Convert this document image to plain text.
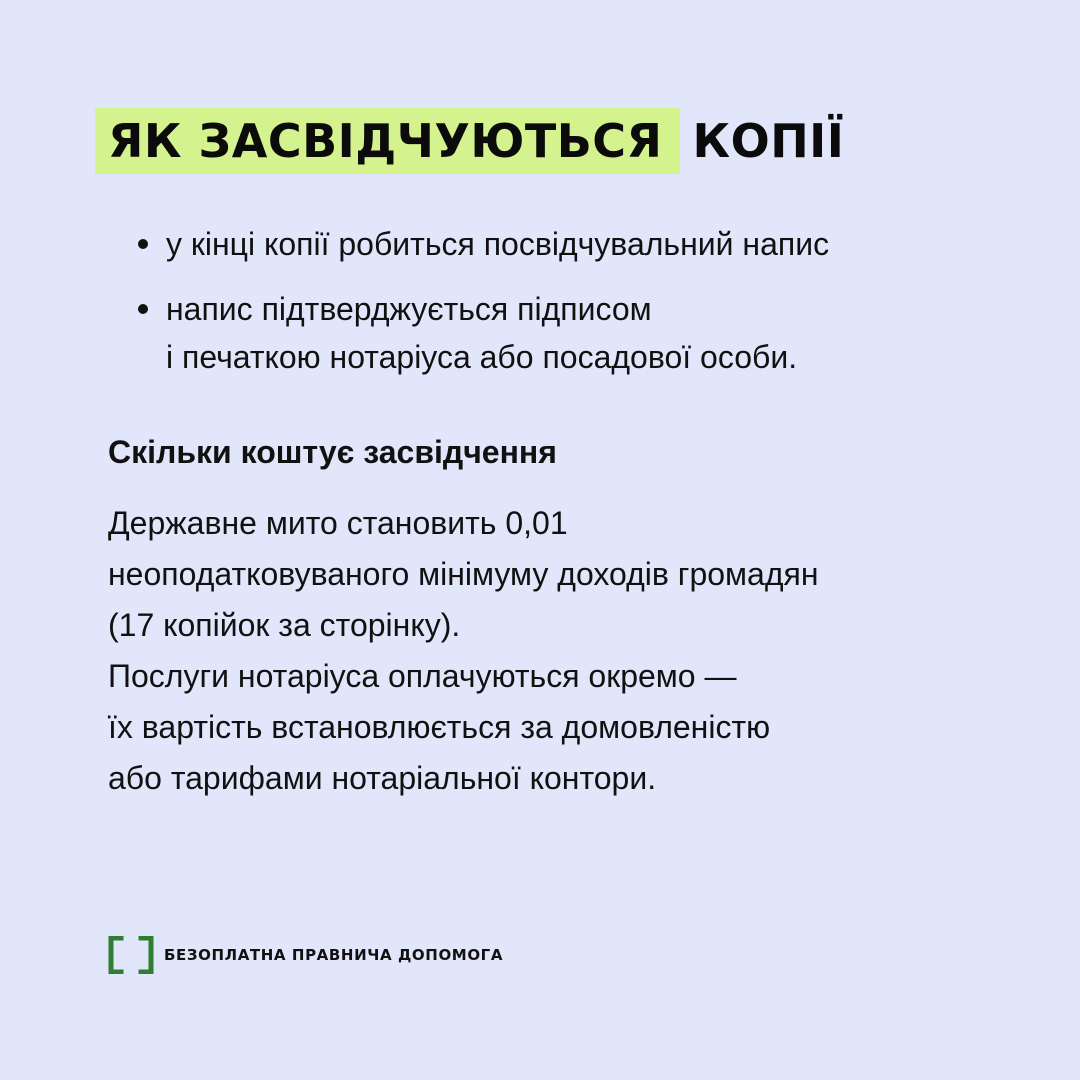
ЯК ЗАСВІДЧУЮТЬСЯ КОПІЇ
у кінці копії робиться посвідчувальний напис
напис підтверджується підписом
і печаткою нотаріуса або посадової особи.
Скільки коштує засвідчення
Державне мито становить 0,01
неоподатковуваного мінімуму доходів громадян
(17 копійок за сторінку).
Послуги нотаріуса оплачуються окремо —
їх вартість встановлюється за домовленістю
або тарифами нотаріальної контори.
БЕЗОПЛАТНА ПРАВНИЧА ДОПОМОГА
